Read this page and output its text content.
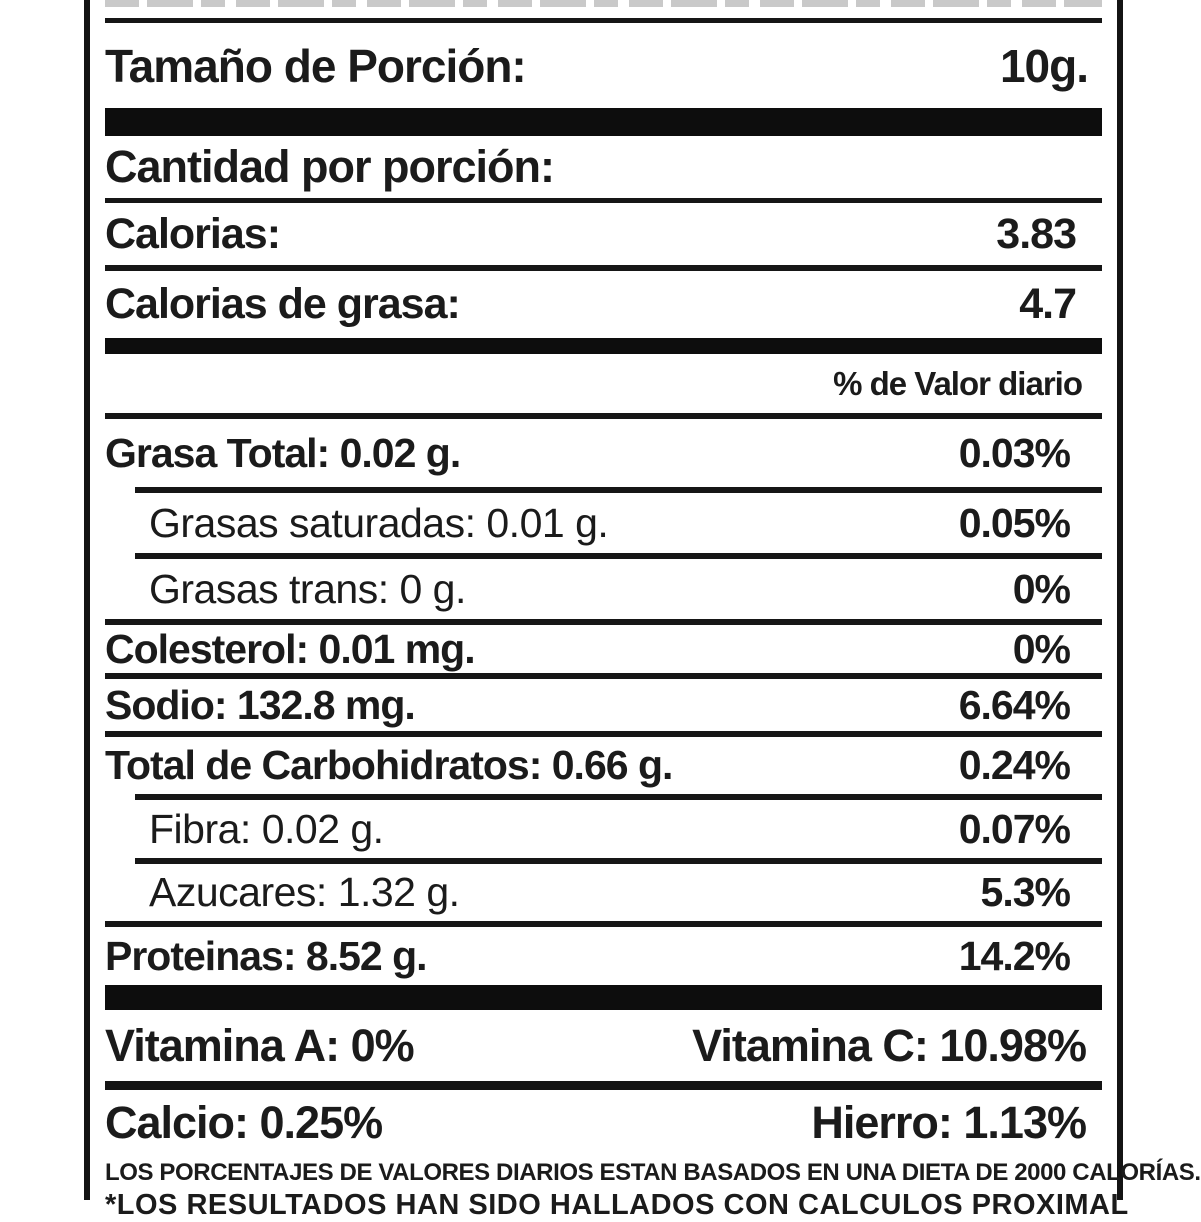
Tamaño de Porción:	10g.
Cantidad por porción:
Calorias:	3.83
Calorias de grasa:	4.7
% de Valor diario
Grasa Total: 0.02 g.	0.03%
Grasas saturadas: 0.01 g.	0.05%
Grasas trans: 0 g.	0%
Colesterol: 0.01 mg.	0%
Sodio: 132.8 mg.	6.64%
Total de Carbohidratos: 0.66 g.	0.24%
Fibra: 0.02 g.	0.07%
Azucares: 1.32 g.	5.3%
Proteinas: 8.52 g.	14.2%
Vitamina A: 0%	Vitamina C: 10.98%
Calcio: 0.25%	Hierro: 1.13%
LOS PORCENTAJES DE VALORES DIARIOS ESTAN BASADOS EN UNA DIETA DE 2000 CALORÍAS.
*LOS RESULTADOS HAN SIDO HALLADOS CON CALCULOS PROXIMAL
